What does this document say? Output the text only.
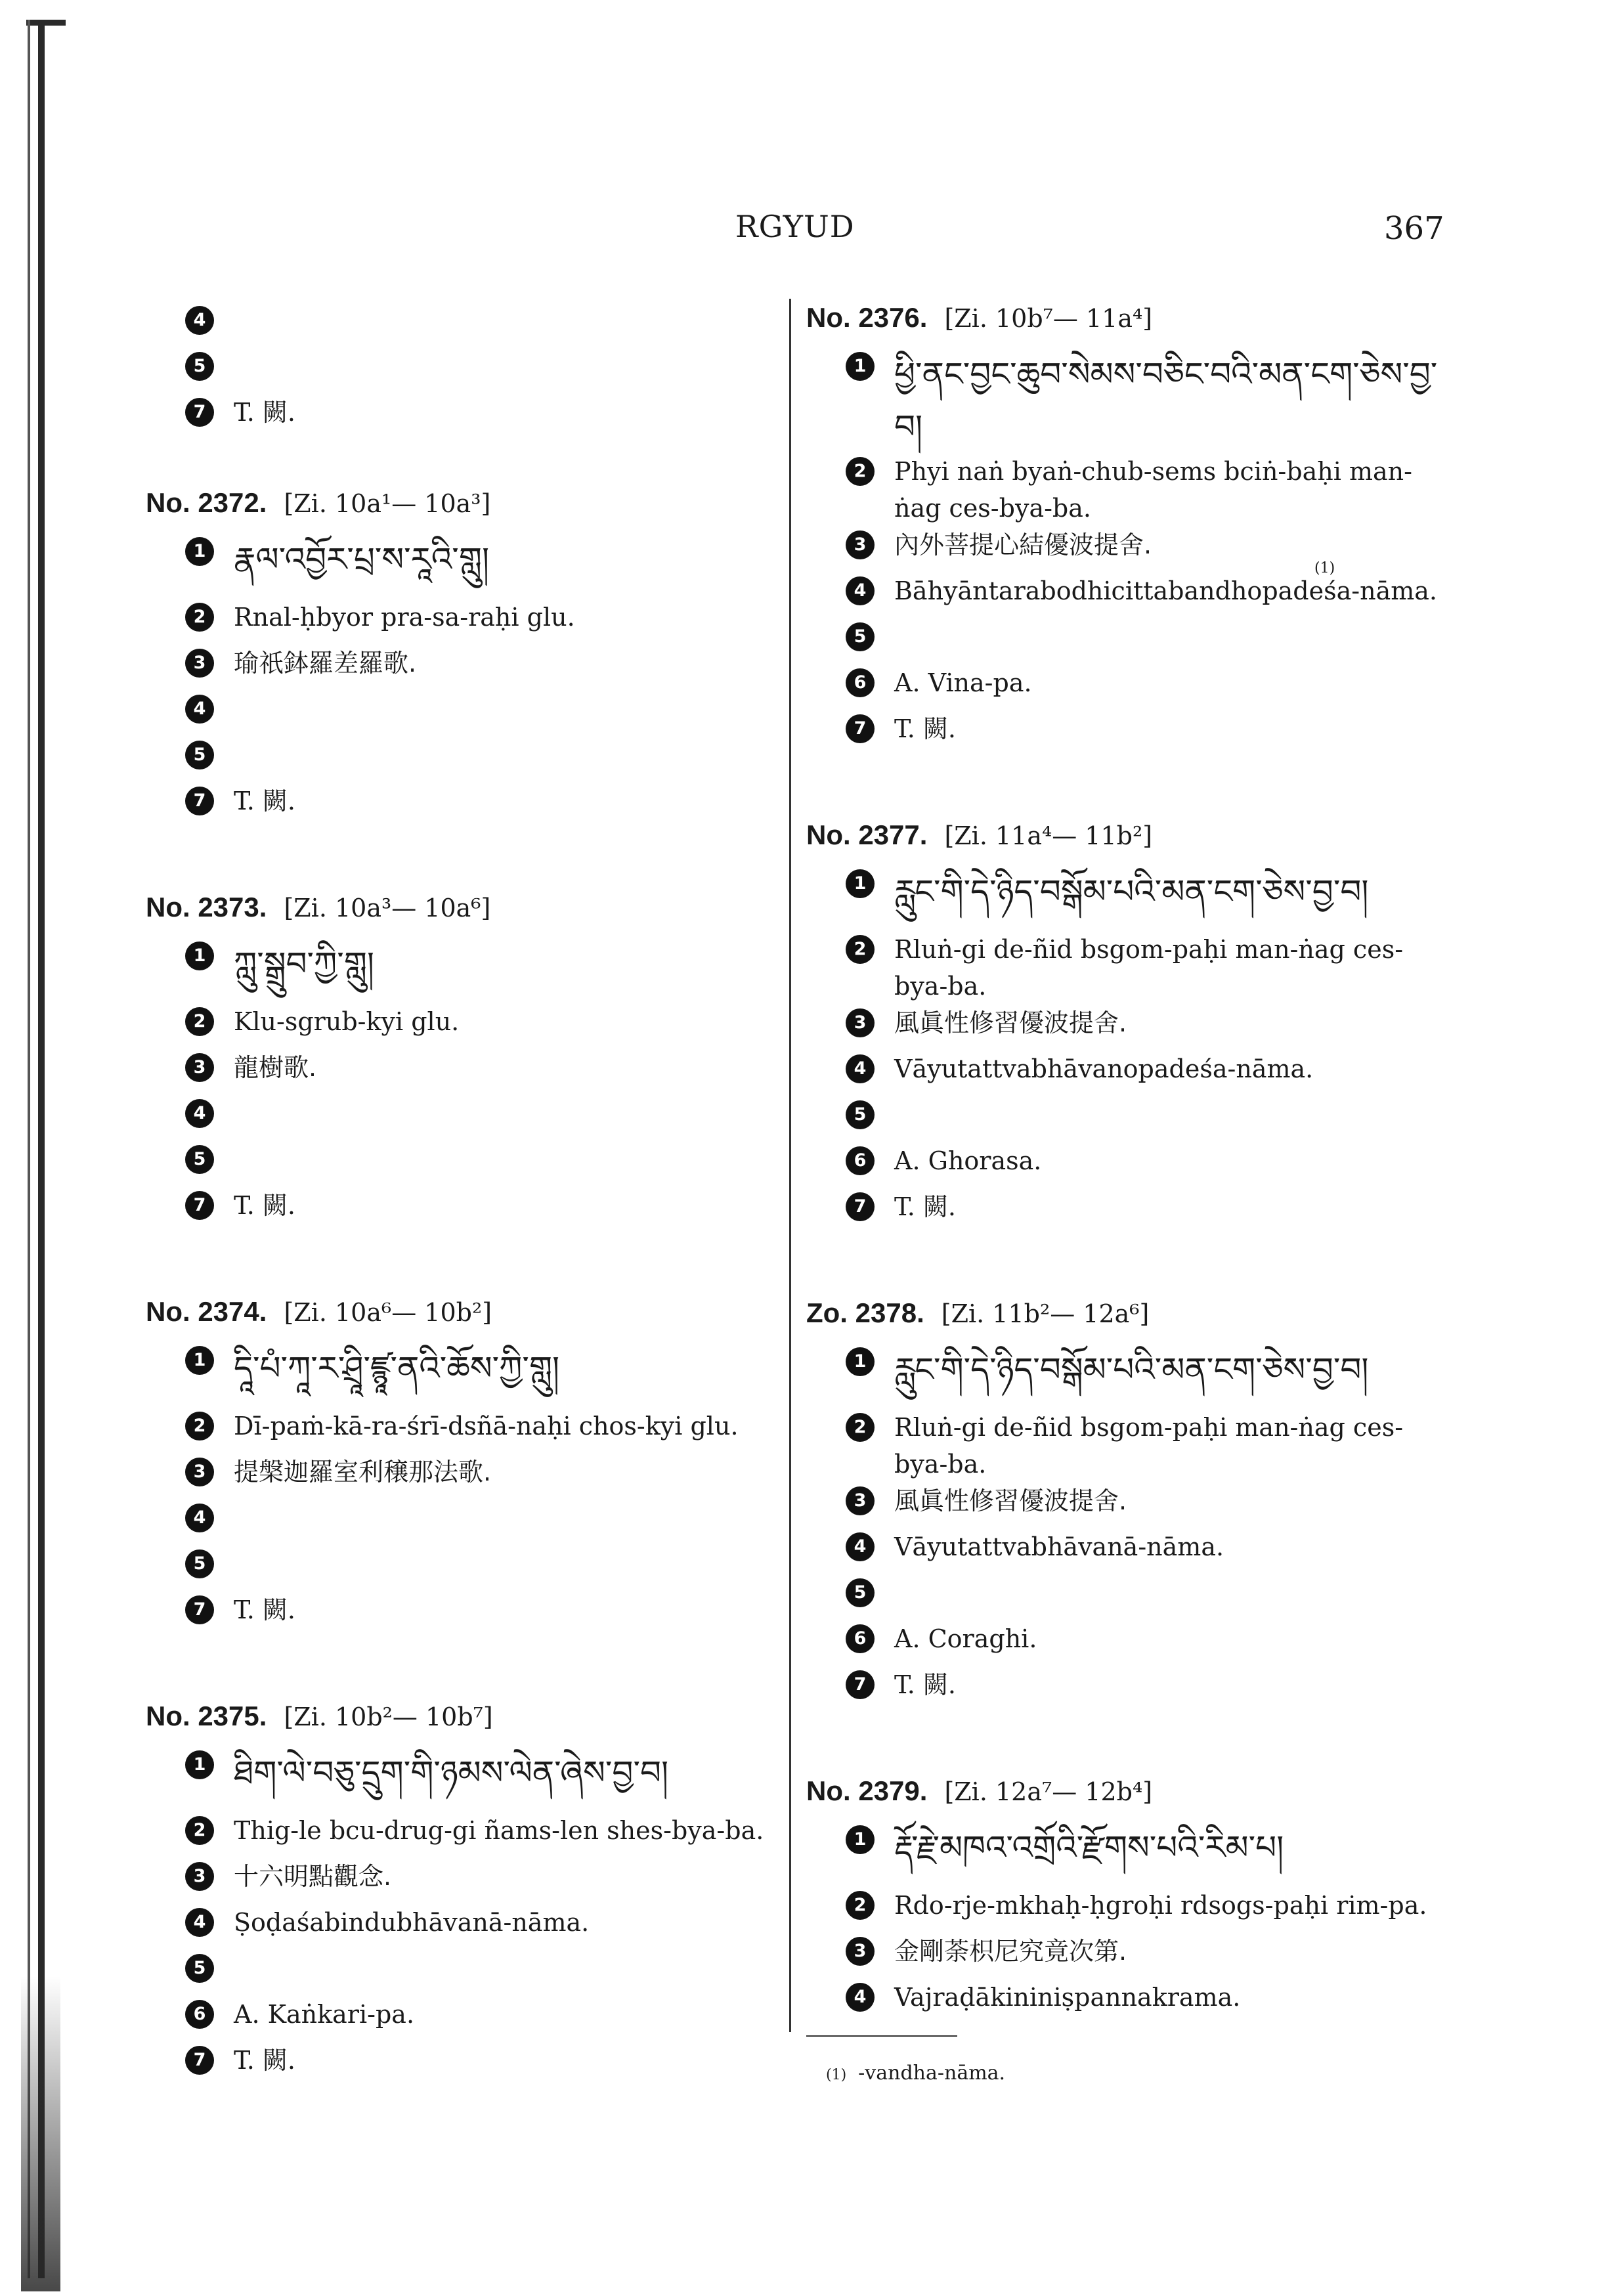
RGYUD	367
4
5
7	T. 闕.
No. 2372. [Zi. 10a¹— 10a³]
1 རྣལ་འབྱོར་པྲ་ས་རཱའི་གླུ།
2	Rnal-ḥbyor pra-sa-raḥi glu.
3	瑜祇鉢羅差羅歌.
4
5
7	T. 闕.
No. 2373. [Zi. 10a³— 10a⁶]
1 ཀླུ་སྒྲུབ་ཀྱི་གླུ།
2	Klu-sgrub-kyi glu.
3	龍樹歌.
4
5
7	T. 闕.
No. 2374. [Zi. 10a⁶— 10b²]
1 དཱི་པཾ་ཀཱ་ར་ཤྲཱི་ཛྙཱ་ནའི་ཆོས་ཀྱི་གླུ།
2	Dī-paṁ-kā-ra-śrī-dsñā-naḥi chos-kyi glu.
3	提槃迦羅室利穣那法歌.
4
5
7	T. 闕.
No. 2375. [Zi. 10b²— 10b⁷]
1 ཐིག་ལེ་བཅུ་དྲུག་གི་ཉམས་ལེན་ཞེས་བྱ་བ།
2	Thig-le bcu-drug-gi ñams-len shes-bya-ba.
3	十六明點觀念.
4	Ṣoḍaśabindubhāvanā-nāma.
5
6	A. Kaṅkari-pa.
7	T. 闕.
No. 2376. [Zi. 10b⁷— 11a⁴]
1 ཕྱི་ནང་བྱང་ཆུབ་སེམས་བཅིང་བའི་མན་ངག་ཅེས་བྱ་བ།
2	Phyi naṅ byaṅ-chub-sems bciṅ-baḥi man-ṅag ces-bya-ba.
3	內外菩提心結優波提舍.
4	Bāhyāntarabodhicittabandhopadeśa-nāma.
(1)
5
6	A. Vina-pa.
7	T. 闕.
No. 2377. [Zi. 11a⁴— 11b²]
1 རླུང་གི་དེ་ཉིད་བསྒོམ་པའི་མན་ངག་ཅེས་བྱ་བ།
2	Rluṅ-gi de-ñid bsgom-paḥi man-ṅag ces-bya-ba.
3	風眞性修習優波提舍.
4	Vāyutattvabhāvanopadeśa-nāma.
5
6	A. Ghorasa.
7	T. 闕.
Zo. 2378. [Zi. 11b²— 12a⁶]
1 རླུང་གི་དེ་ཉིད་བསྒོམ་པའི་མན་ངག་ཅེས་བྱ་བ།
2	Rluṅ-gi de-ñid bsgom-paḥi man-ṅag ces-bya-ba.
3	風眞性修習優波提舍.
4	Vāyutattvabhāvanā-nāma.
5
6	A. Coraghi.
7	T. 闕.
No. 2379. [Zi. 12a⁷— 12b⁴]
1 རྡོ་རྗེ་མཁའ་འགྲོའི་རྫོགས་པའི་རིམ་པ།
2	Rdo-rje-mkhaḥ-ḥgroḥi rdsogs-paḥi rim-pa.
3	金剛荼枳尼究竟次第.
4	Vajraḍākininiṣpannakrama.
(1) -vandha-nāma.
